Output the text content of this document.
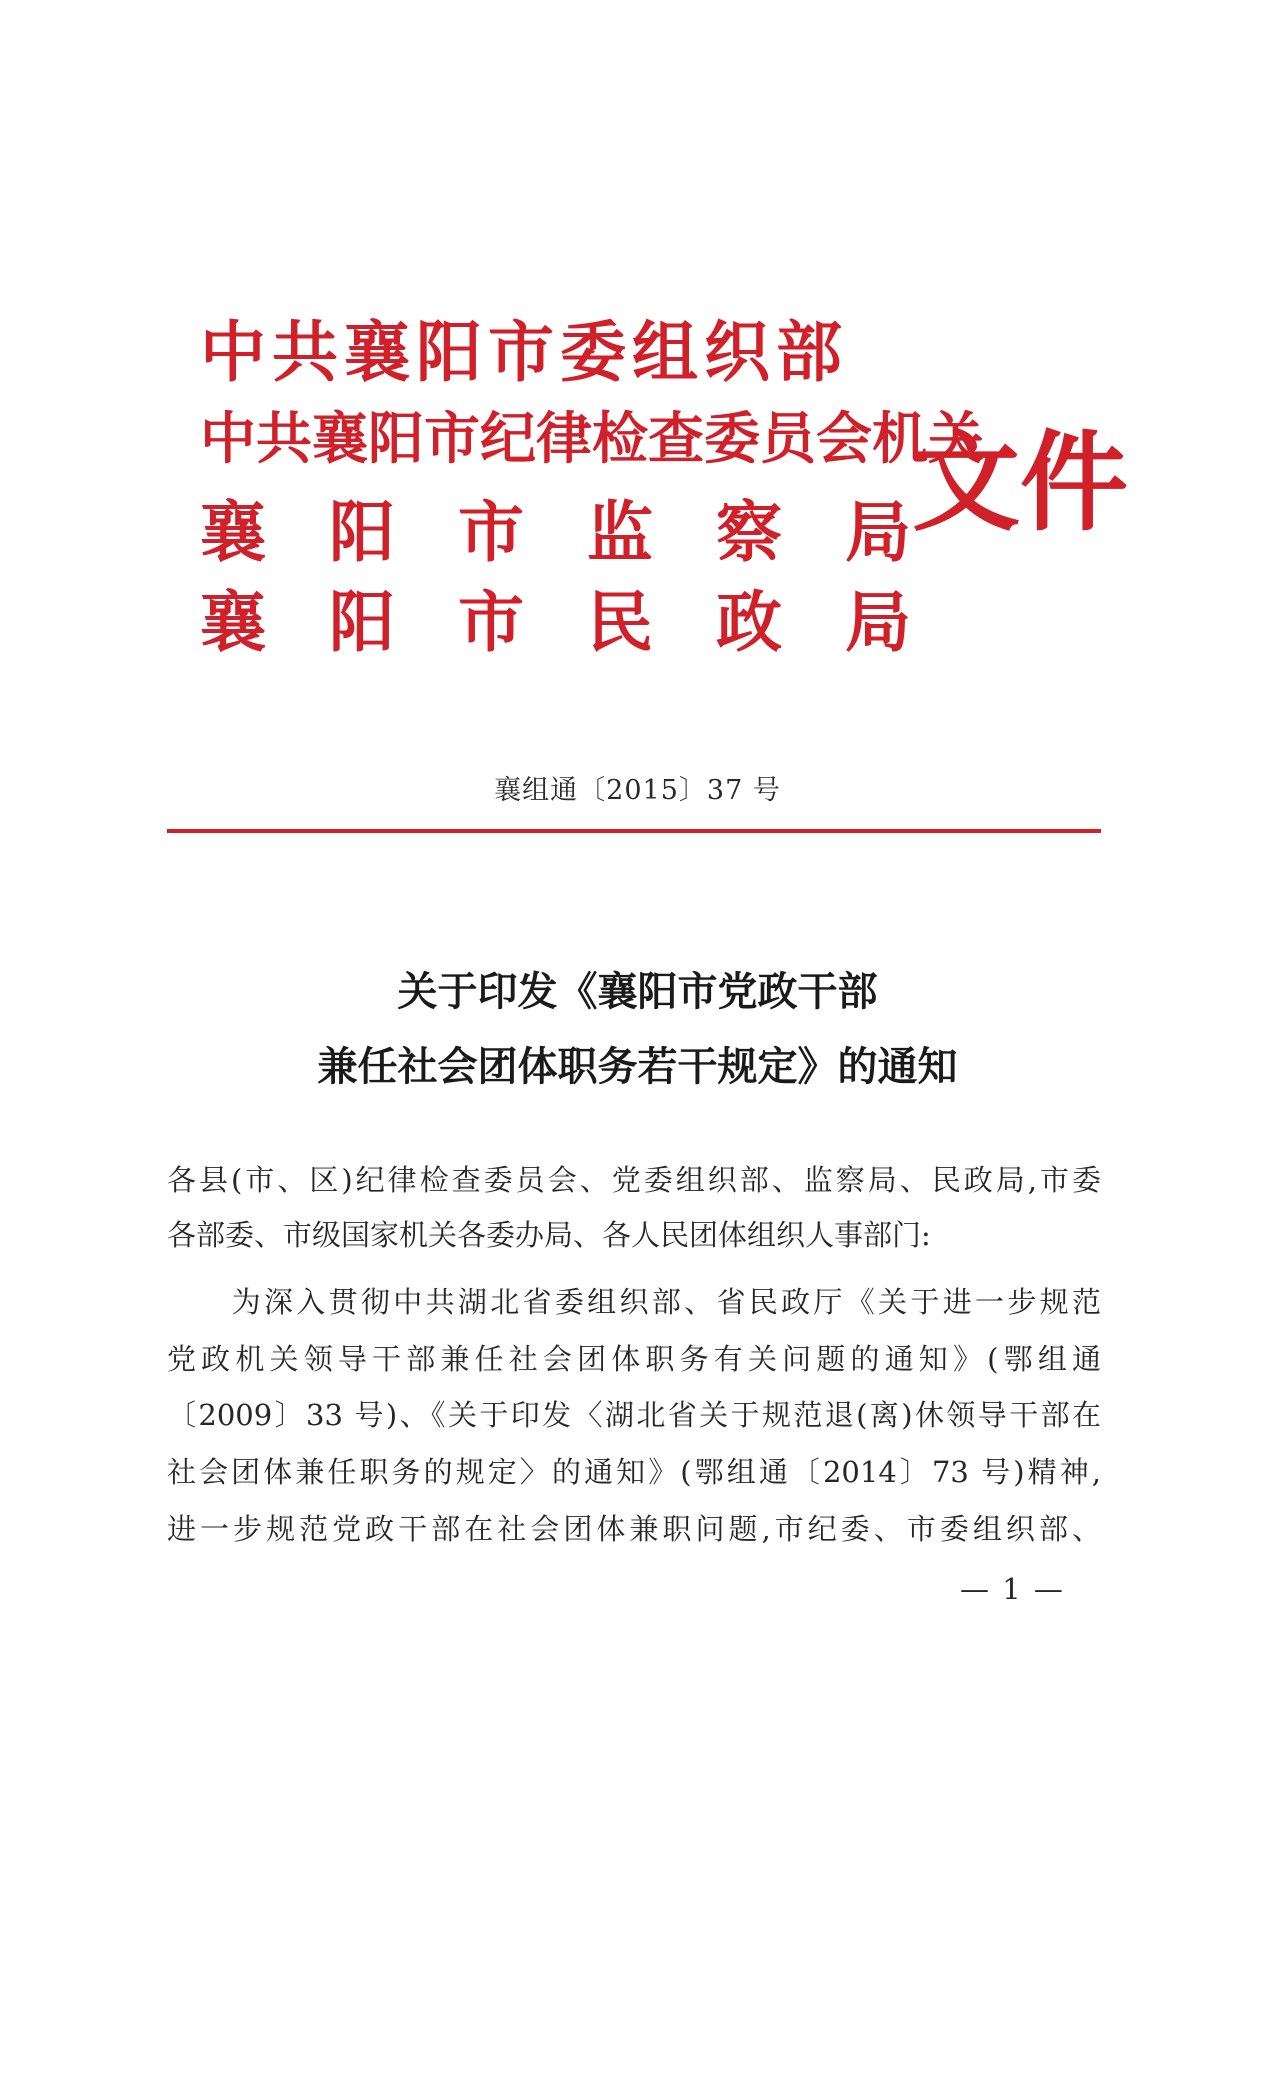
中共襄阳市委组织部
中共襄阳市纪律检查委员会机关
襄阳市监察局
襄阳市民政局
文件
襄组通〔2015〕37 号
关于印发《襄阳市党政干部
兼任社会团体职务若干规定》的通知
各县(市、区)纪律检查委员会、党委组织部、监察局、民政局,市委
各部委、市级国家机关各委办局、各人民团体组织人事部门:
　　为深入贯彻中共湖北省委组织部、省民政厅《关于进一步规范
党政机关领导干部兼任社会团体职务有关问题的通知》(鄂组通
〔2009〕33 号)、《关于印发〈湖北省关于规范退(离)休领导干部在
社会团体兼任职务的规定〉的通知》(鄂组通〔2014〕73 号)精神,
进一步规范党政干部在社会团体兼职问题,市纪委、市委组织部、
— 1 —
